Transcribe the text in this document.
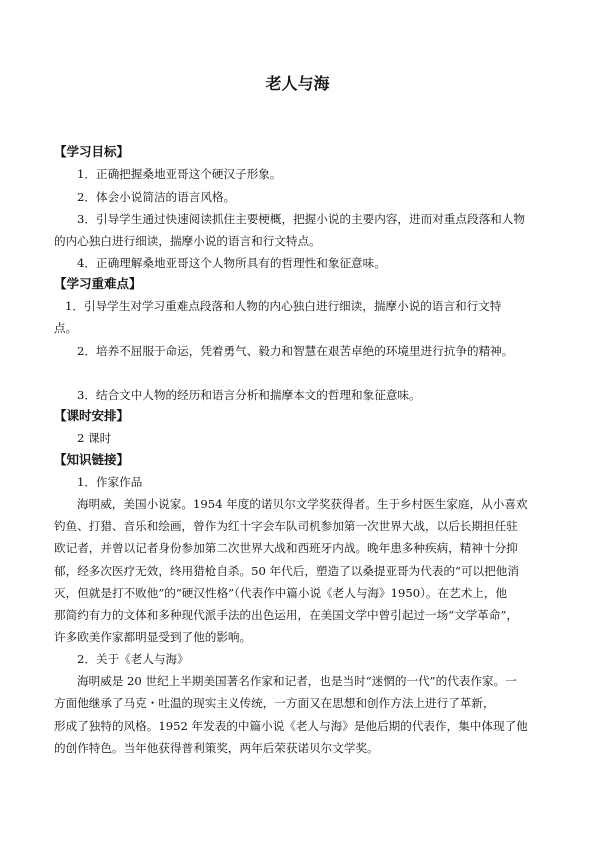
老人与海
【学习目标】
1．正确把握桑地亚哥这个硬汉子形象。
2．体会小说简洁的语言风格。
3．引导学生通过快速阅读抓住主要梗概，把握小说的主要内容，进而对重点段落和人物
的内心独白进行细读，揣摩小说的语言和行文特点。
4．正确理解桑地亚哥这个人物所具有的哲理性和象征意味。
【学习重难点】
1．引导学生对学习重难点段落和人物的内心独白进行细读，揣摩小说的语言和行文特
点。
2．培养不屈服于命运，凭着勇气、毅力和智慧在艰苦卓绝的环境里进行抗争的精神。
3．结合文中人物的经历和语言分析和揣摩本文的哲理和象征意味。
【课时安排】
2 课时
【知识链接】
1．作家作品
海明威，美国小说家。1954 年度的诺贝尔文学奖获得者。生于乡村医生家庭，从小喜欢
钓鱼、打猎、音乐和绘画，曾作为红十字会车队司机参加第一次世界大战，以后长期担任驻
欧记者，并曾以记者身份参加第二次世界大战和西班牙内战。晚年患多种疾病，精神十分抑
郁，经多次医疗无效，终用猎枪自杀。50 年代后，塑造了以桑提亚哥为代表的“可以把他消
灭，但就是打不败他”的“硬汉性格”（代表作中篇小说《老人与海》1950）。在艺术上，他
那简约有力的文体和多种现代派手法的出色运用，在美国文学中曾引起过一场“文学革命”，
许多欧美作家都明显受到了他的影响。
2．关于《老人与海》
海明威是 20 世纪上半期美国著名作家和记者，也是当时“迷惘的一代”的代表作家。一
方面他继承了马克・吐温的现实主义传统，一方面又在思想和创作方法上进行了革新，
形成了独特的风格。1952 年发表的中篇小说《老人与海》是他后期的代表作，集中体现了他
的创作特色。当年他获得普利策奖，两年后荣获诺贝尔文学奖。
